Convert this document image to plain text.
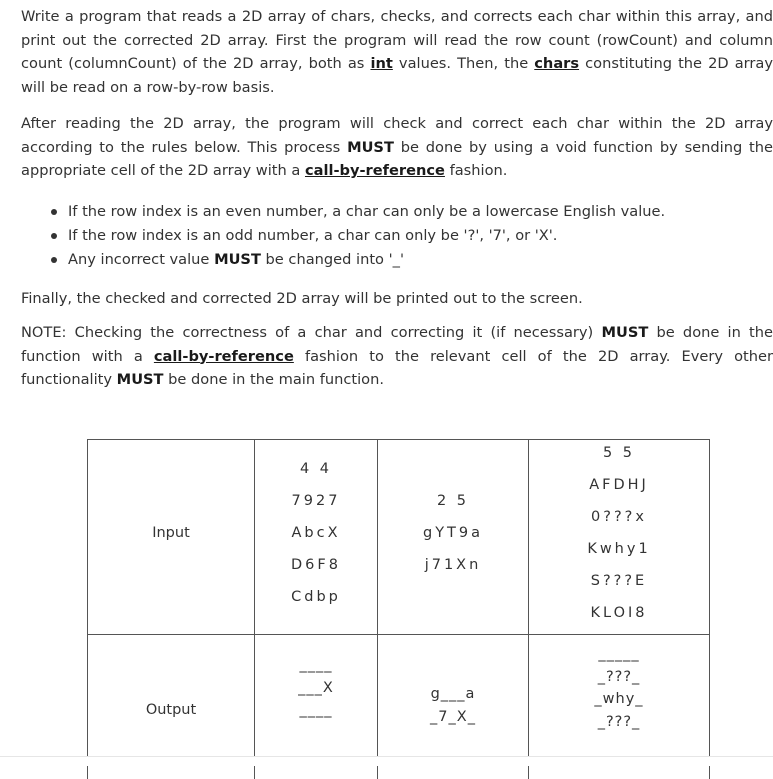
Write a program that reads a 2D array of chars, checks, and corrects each char within this array, and print out the corrected 2D array. First the program will read the row count (rowCount) and column count (columnCount) of the 2D array, both as int values. Then, the chars constituting the 2D array will be read on a row-by-row basis.

After reading the 2D array, the program will check and correct each char within the 2D array according to the rules below. This process MUST be done by using a void function by sending the appropriate cell of the 2D array with a call-by-reference fashion.

If the row index is an even number, a char can only be a lowercase English value.
If the row index is an odd number, a char can only be '?', '7', or 'X'.
Any incorrect value MUST be changed into '_'

Finally, the checked and corrected 2D array will be printed out to the screen.

NOTE: Checking the correctness of a char and correcting it (if necessary) MUST be done in the function with a call-by-reference fashion to the relevant cell of the 2D array. Every other functionality MUST be done in the main function.

Input
Output
4 4
7927
AbcX
D6F8
Cdbp
2 5
gYT9a
j71Xn
5 5
AFDHJ
0???x
Kwhy1
S???E
KLOI8
____
___X
____
g___a
_7_X_
_____
_???_
_why_
_???_
